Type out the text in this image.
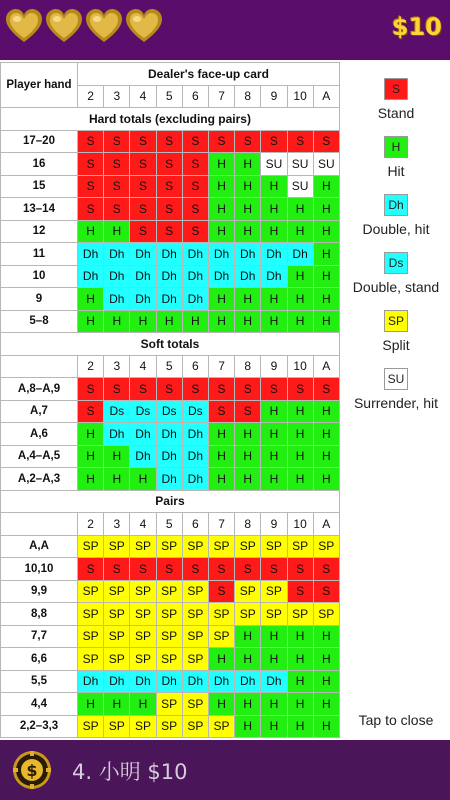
$10
Player hand	Dealer's face-up card									
	2	3	4	5	6	7	8	9	10	A
Hard totals (excluding pairs)										
17–20	S	S	S	S	S	S	S	S	S	S
16	S	S	S	S	S	H	H	SU	SU	SU
15	S	S	S	S	S	H	H	H	SU	H
13–14	S	S	S	S	S	H	H	H	H	H
12	H	H	S	S	S	H	H	H	H	H
11	Dh	Dh	Dh	Dh	Dh	Dh	Dh	Dh	Dh	H
10	Dh	Dh	Dh	Dh	Dh	Dh	Dh	Dh	H	H
9	H	Dh	Dh	Dh	Dh	H	H	H	H	H
5–8	H	H	H	H	H	H	H	H	H	H
Soft totals										
	2	3	4	5	6	7	8	9	10	A
A,8–A,9	S	S	S	S	S	S	S	S	S	S
A,7	S	Ds	Ds	Ds	Ds	S	S	H	H	H
A,6	H	Dh	Dh	Dh	Dh	H	H	H	H	H
A,4–A,5	H	H	Dh	Dh	Dh	H	H	H	H	H
A,2–A,3	H	H	H	Dh	Dh	H	H	H	H	H
Pairs										
	2	3	4	5	6	7	8	9	10	A
A,A	SP	SP	SP	SP	SP	SP	SP	SP	SP	SP
10,10	S	S	S	S	S	S	S	S	S	S
9,9	SP	SP	SP	SP	SP	S	SP	SP	S	S
8,8	SP	SP	SP	SP	SP	SP	SP	SP	SP	SP
7,7	SP	SP	SP	SP	SP	SP	H	H	H	H
6,6	SP	SP	SP	SP	SP	H	H	H	H	H
5,5	Dh	Dh	Dh	Dh	Dh	Dh	Dh	Dh	H	H
4,4	H	H	H	SP	SP	H	H	H	H	H
2,2–3,3	SP	SP	SP	SP	SP	SP	H	H	H	H	Tap to close
S
Stand
H
Hit
Dh
Double, hit
Ds
Double, stand
SP
Split
SU
Surrender, hit
$ 4. 小明 $10
